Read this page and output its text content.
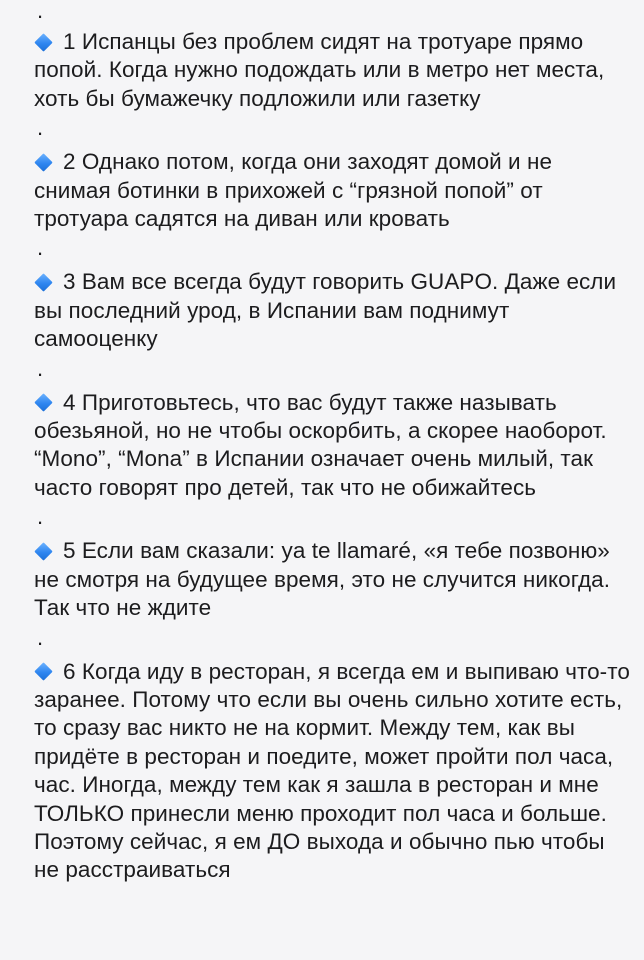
.
1 Испанцы без проблем сидят на тротуаре прямо попой. Когда нужно подождать или в метро нет места, хоть бы бумажечку подложили или газетку
.
2 Однако потом, когда они заходят домой и не снимая ботинки в прихожей с “грязной попой” от тротуара садятся на диван или кровать
.
3 Вам все всегда будут говорить GUAPO. Даже если вы последний урод, в Испании вам поднимут самооценку
.
4 Приготовьтесь, что вас будут также называть обезьяной, но не чтобы оскорбить, а скорее наоборот. “Mono”, “Mona” в Испании означает очень милый, так часто говорят про детей, так что не обижайтесь
.
5 Если вам сказали: ya te llamaré, «я тебе позвоню» не смотря на будущее время, это не случится никогда. Так что не ждите
.
6 Когда иду в ресторан, я всегда ем и выпиваю что-то заранее. Потому что если вы очень сильно хотите есть, то сразу вас никто не на кормит. Между тем, как вы придёте в ресторан и поедите, может пройти пол часа, час. Иногда, между тем как я зашла в ресторан и мне ТОЛЬКО принесли меню проходит пол часа и больше. Поэтому сейчас, я ем ДО выхода и обычно пью чтобы не расстраиваться
